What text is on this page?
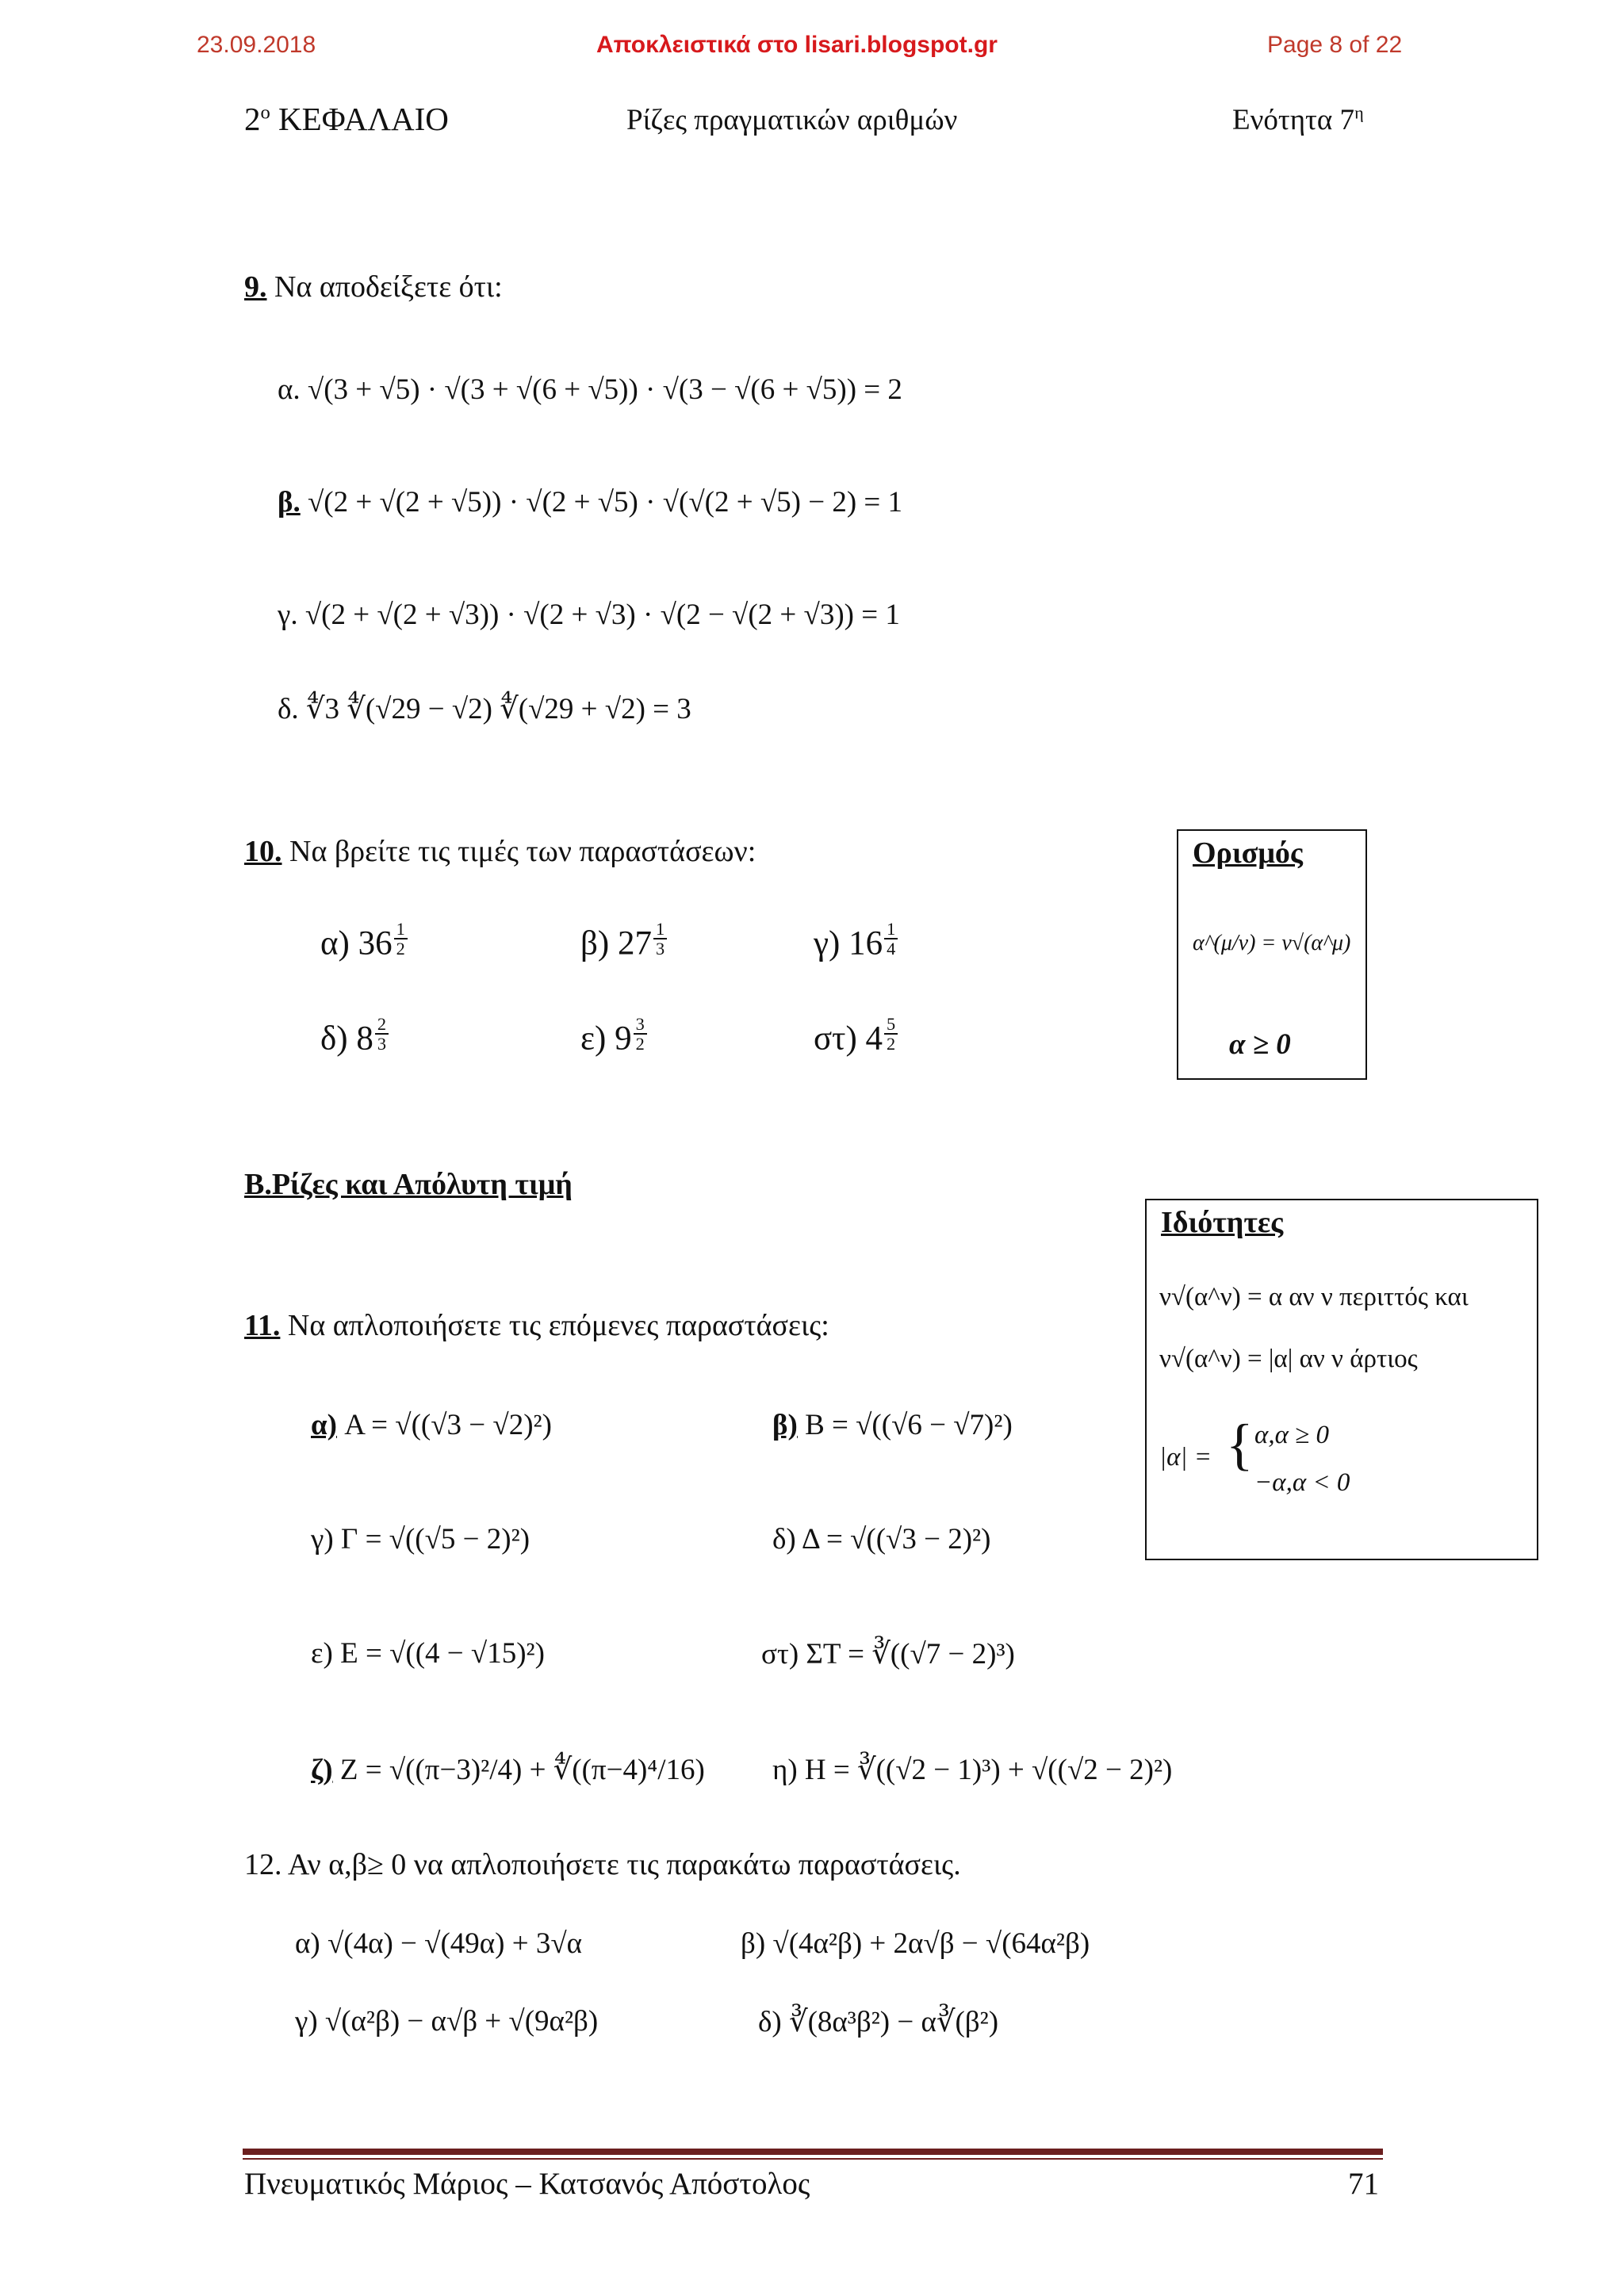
23.09.2018	Αποκλειστικά στο lisari.blogspot.gr	Page 8 of 22
$2^o$ ΚΕΦΑΛΑΙΟ	Ρίζες πραγματικών αριθμών	Ενότητα $7^\eta$
9. Να αποδείξετε ότι:
α. √(3 + √5) · √(3 + √(6 + √5)) · √(3 − √(6 + √5)) = 2
β. √(2 + √(2 + √5)) · √(2 + √5) · √(√(2 + √5) − 2) = 1
γ. √(2 + √(2 + √3)) · √(2 + √3) · √(2 − √(2 + √3)) = 1
δ. ∜3 ∜(√29 − √2) ∜(√29 + √2) = 3
10. Να βρείτε τις τιμές των παραστάσεων:
α) $36 \frac{1}{2}$	β) $27 \frac{1}{3}$	γ) $16 \frac{1}{4}$
δ) $8 \frac{2}{3}$	ε) $9 \frac{3}{2}$	στ) $4 \frac{5}{2}$
Ορισμός
α^(μ/ν) = ν√(α^μ)
α ≥ 0
Β.Ρίζες και Απόλυτη τιμή
Ιδιότητες
ν√(α^ν) = α αν ν περιττός και
ν√(α^ν) = |α| αν ν άρτιος
|α| = { α,α ≥ 0
−α,α < 0
11. Να απλοποιήσετε τις επόμενες παραστάσεις:
α) A = √((√3 − √2)²)	β) B = √((√6 − √7)²)
γ) Γ = √((√5 − 2)²)	δ) Δ = √((√3 − 2)²)
ε) E = √((4 − √15)²)	στ) ΣΤ = ∛((√7 − 2)³)
ζ) Z = √((π−3)²/4) + ∜((π−4)⁴/16) η) H = ∛((√2 − 1)³) + √((√2 − 2)²)
12. Αν α,β≥ 0 να απλοποιήσετε τις παρακάτω παραστάσεις.
α) √(4α) − √(49α) + 3√α	β) √(4α²β) + 2α√β − √(64α²β)
γ) √(α²β) − α√β + √(9α²β)	δ) ∛(8α³β²) − α∛(β²)
Πνευματικός Μάριος – Κατσανός Απόστολος	71
